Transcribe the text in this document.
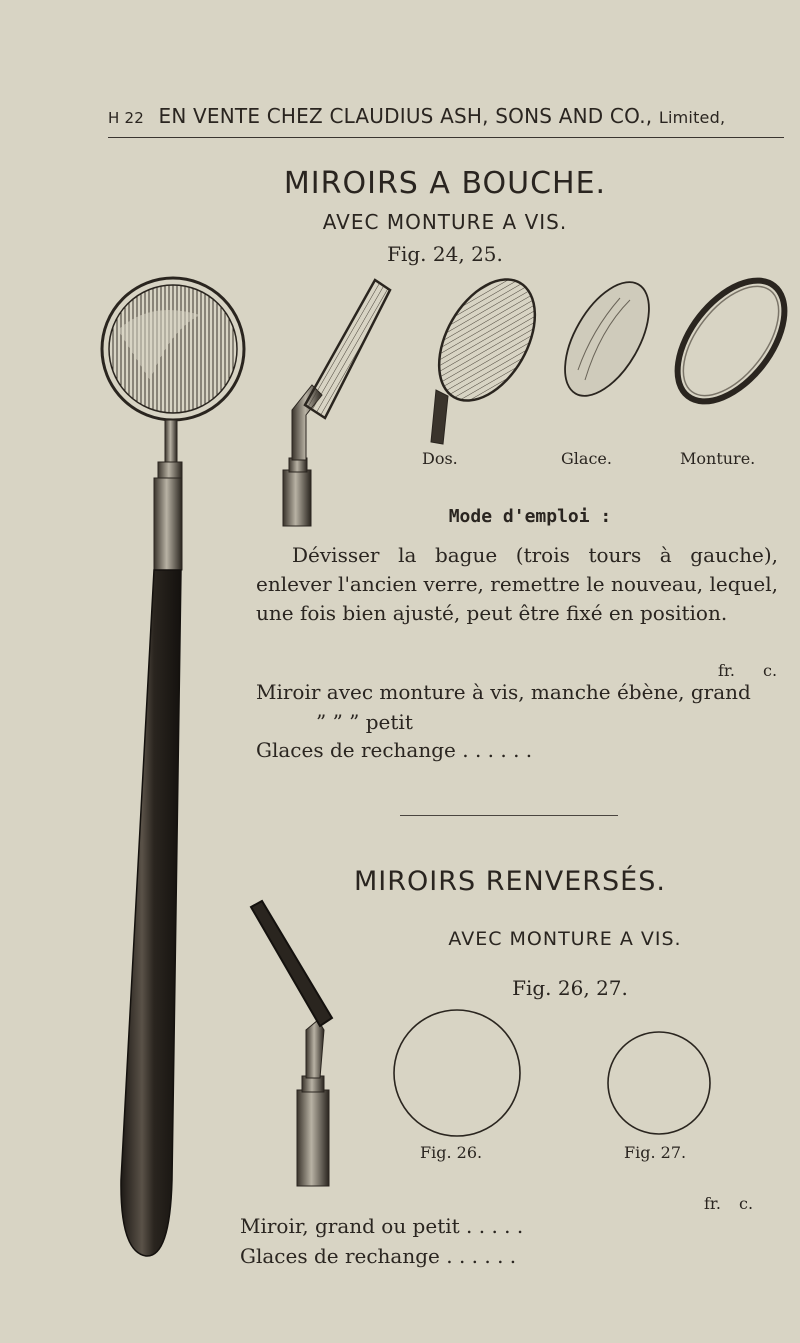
H 22 EN VENTE CHEZ CLAUDIUS ASH, SONS AND CO., Limited,
MIROIRS A BOUCHE.
AVEC MONTURE A VIS.
Fig. 24, 25.
Dos.	Glace.	Monture.
Mode d'emploi :
Dévisser la bague (trois tours à gauche), enlever l'ancien verre, remettre le nouveau, lequel, une fois bien ajusté, peut être fixé en position.
fr. c.
Miroir avec monture à vis, manche ébène, grand
” ” ” petit
Glaces de rechange . . . . . .
MIROIRS RENVERSÉS.
AVEC MONTURE A VIS.
Fig. 26, 27.
Fig. 26.	Fig. 27.
fr. c.
Miroir, grand ou petit . . . . .
Glaces de rechange . . . . . .
